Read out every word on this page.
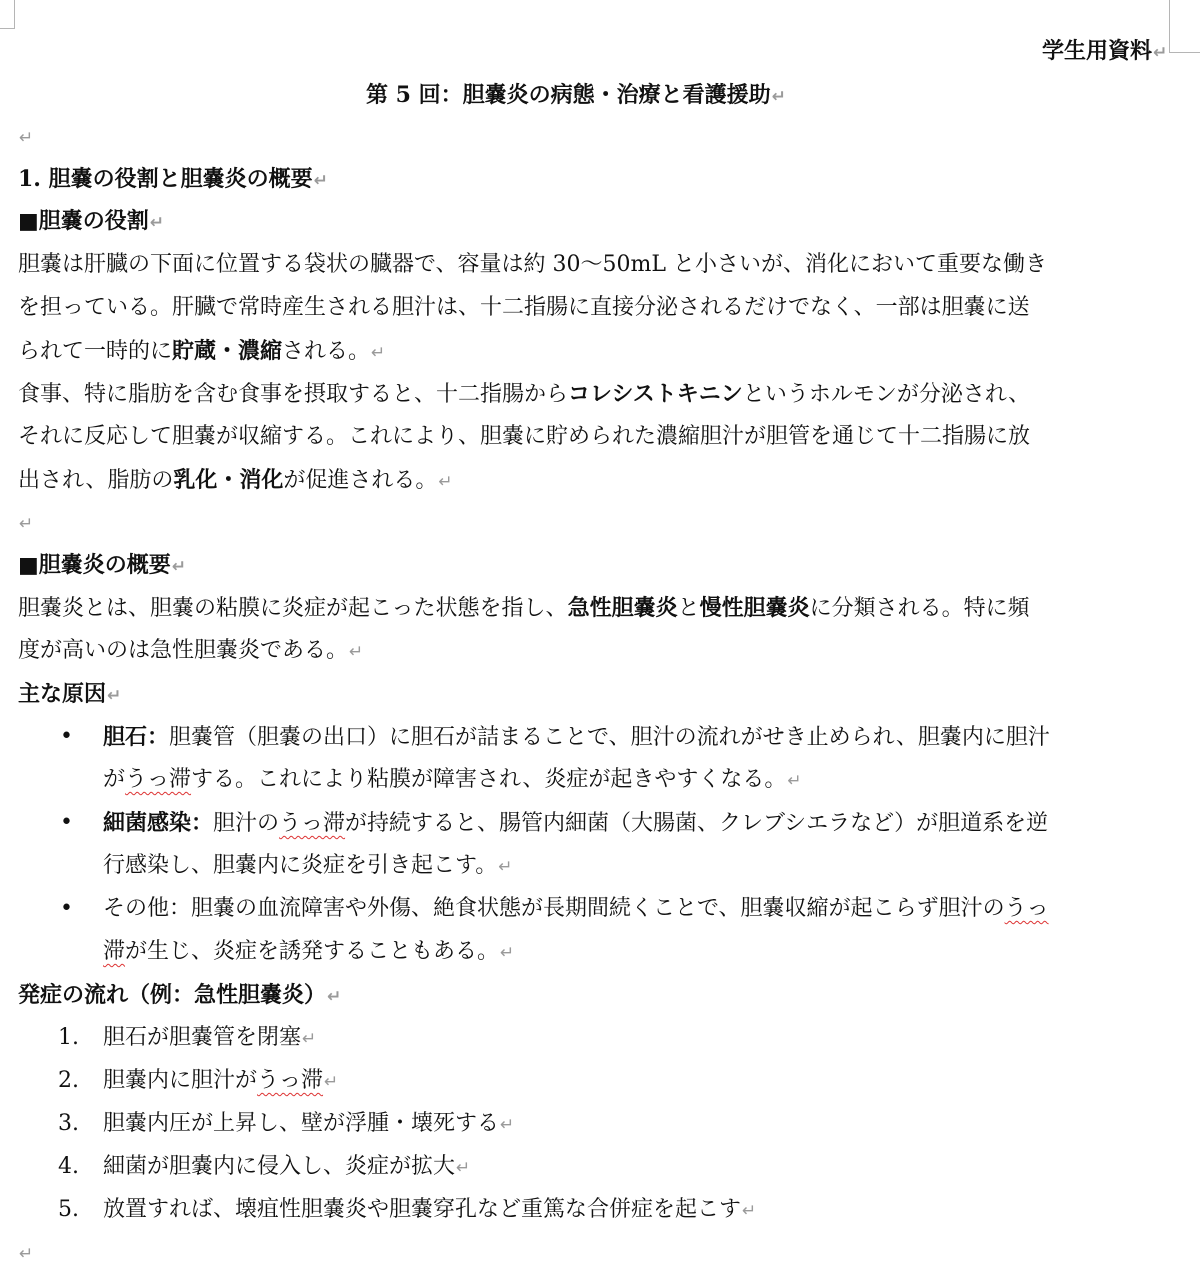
学生用資料↵
第 5 回：胆嚢炎の病態・治療と看護援助↵
↵
1. 胆嚢の役割と胆嚢炎の概要↵
■胆嚢の役割↵
胆嚢は肝臓の下面に位置する袋状の臓器で、容量は約 30〜50mL と小さいが、消化において重要な働き
を担っている。肝臓で常時産生される胆汁は、十二指腸に直接分泌されるだけでなく、一部は胆嚢に送
られて一時的に貯蔵・濃縮される。↵
食事、特に脂肪を含む食事を摂取すると、十二指腸からコレシストキニンというホルモンが分泌され、
それに反応して胆嚢が収縮する。これにより、胆嚢に貯められた濃縮胆汁が胆管を通じて十二指腸に放
出され、脂肪の乳化・消化が促進される。↵
↵
■胆嚢炎の概要↵
胆嚢炎とは、胆嚢の粘膜に炎症が起こった状態を指し、急性胆嚢炎と慢性胆嚢炎に分類される。特に頻
度が高いのは急性胆嚢炎である。↵
主な原因↵
• 胆石：胆嚢管（胆嚢の出口）に胆石が詰まることで、胆汁の流れがせき止められ、胆嚢内に胆汁
がうっ滞する。これにより粘膜が障害され、炎症が起きやすくなる。↵
• 細菌感染：胆汁のうっ滞が持続すると、腸管内細菌（大腸菌、クレブシエラなど）が胆道系を逆
行感染し、胆嚢内に炎症を引き起こす。↵
• その他：胆嚢の血流障害や外傷、絶食状態が長期間続くことで、胆嚢収縮が起こらず胆汁のうっ
滞が生じ、炎症を誘発することもある。↵
発症の流れ（例：急性胆嚢炎）↵
1. 胆石が胆嚢管を閉塞↵
2. 胆嚢内に胆汁がうっ滞↵
3. 胆嚢内圧が上昇し、壁が浮腫・壊死する↵
4. 細菌が胆嚢内に侵入し、炎症が拡大↵
5. 放置すれば、壊疽性胆嚢炎や胆嚢穿孔など重篤な合併症を起こす↵
↵
